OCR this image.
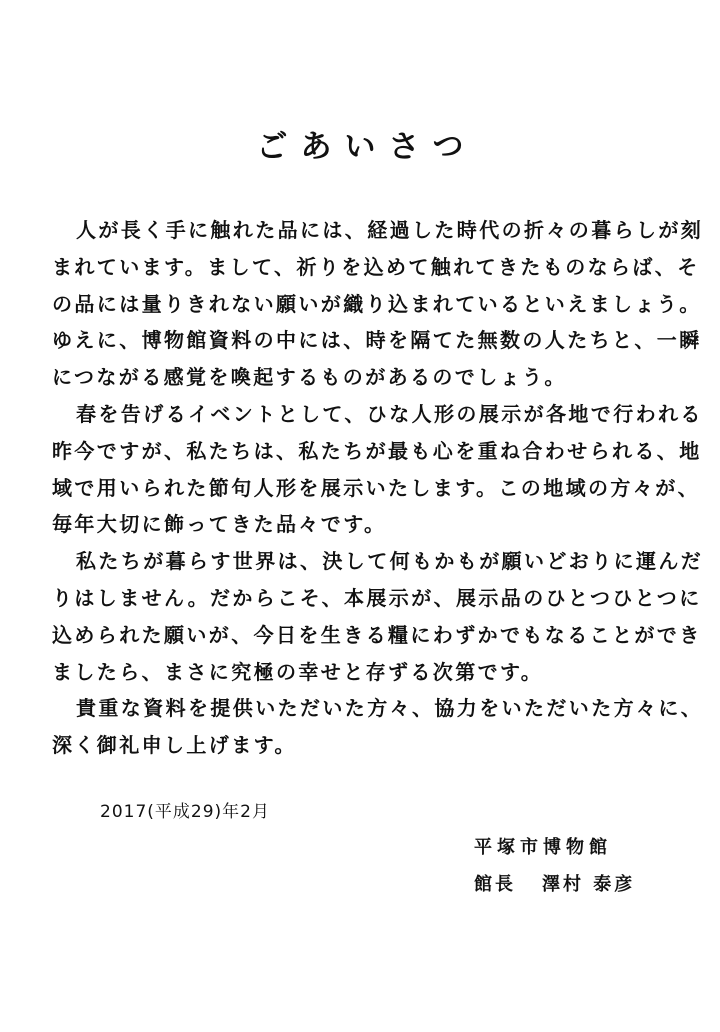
ごあいさつ
人が長く手に触れた品には、経過した時代の折々の暮らしが刻
まれています。まして、祈りを込めて触れてきたものならば、そ
の品には量りきれない願いが織り込まれているといえましょう。
ゆえに、博物館資料の中には、時を隔てた無数の人たちと、一瞬
につながる感覚を喚起するものがあるのでしょう。
春を告げるイベントとして、ひな人形の展示が各地で行われる
昨今ですが、私たちは、私たちが最も心を重ね合わせられる、地
域で用いられた節句人形を展示いたします。この地域の方々が、
毎年大切に飾ってきた品々です。
私たちが暮らす世界は、決して何もかもが願いどおりに運んだ
りはしません。だからこそ、本展示が、展示品のひとつひとつに
込められた願いが、今日を生きる糧にわずかでもなることができ
ましたら、まさに究極の幸せと存ずる次第です。
貴重な資料を提供いただいた方々、協力をいただいた方々に、
深く御礼申し上げます。
2017(平成29)年2月
平塚市博物館
館長 澤村 泰彦
